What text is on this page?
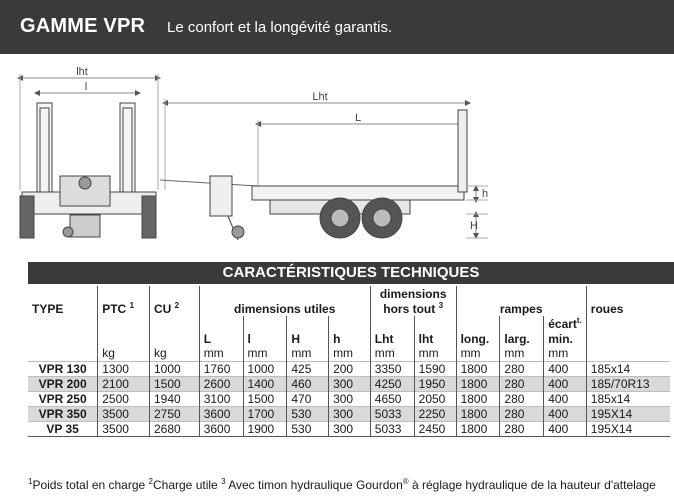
GAMME VPR Le confort et la longévité garantis.
lht
l
Lht
L
h
H
CARACTÉRISTIQUES TECHNIQUES
							dimensions					
TYPE	PTC $^1$	CU $^2$	dimensions utiles				hors tout $^3$		rampes			roues
											écart$^{t.}$	
			L	l	H	h	Lht	lht	long.	larg.	min.	
	kg	kg	mm	mm	mm	mm	mm	mm	mm	mm	mm	
VPR 130	1300	1000	1760	1000	425	200	3350	1590	1800	280	400	185x14
VPR 200	2100	1500	2600	1400	460	300	4250	1950	1800	280	400	185/70R13
VPR 250	2500	1940	3100	1500	470	300	4650	2050	1800	280	400	185x14
VPR 350	3500	2750	3600	1700	530	300	5033	2250	1800	280	400	195X14
VP 35	3500	2680	3600	1900	530	300	5033	2450	1800	280	400	195X14
$^1$Poids total en charge $^2$Charge utile $^3$ Avec timon hydraulique Gourdon® à réglage hydraulique de la hauteur d'attelage
